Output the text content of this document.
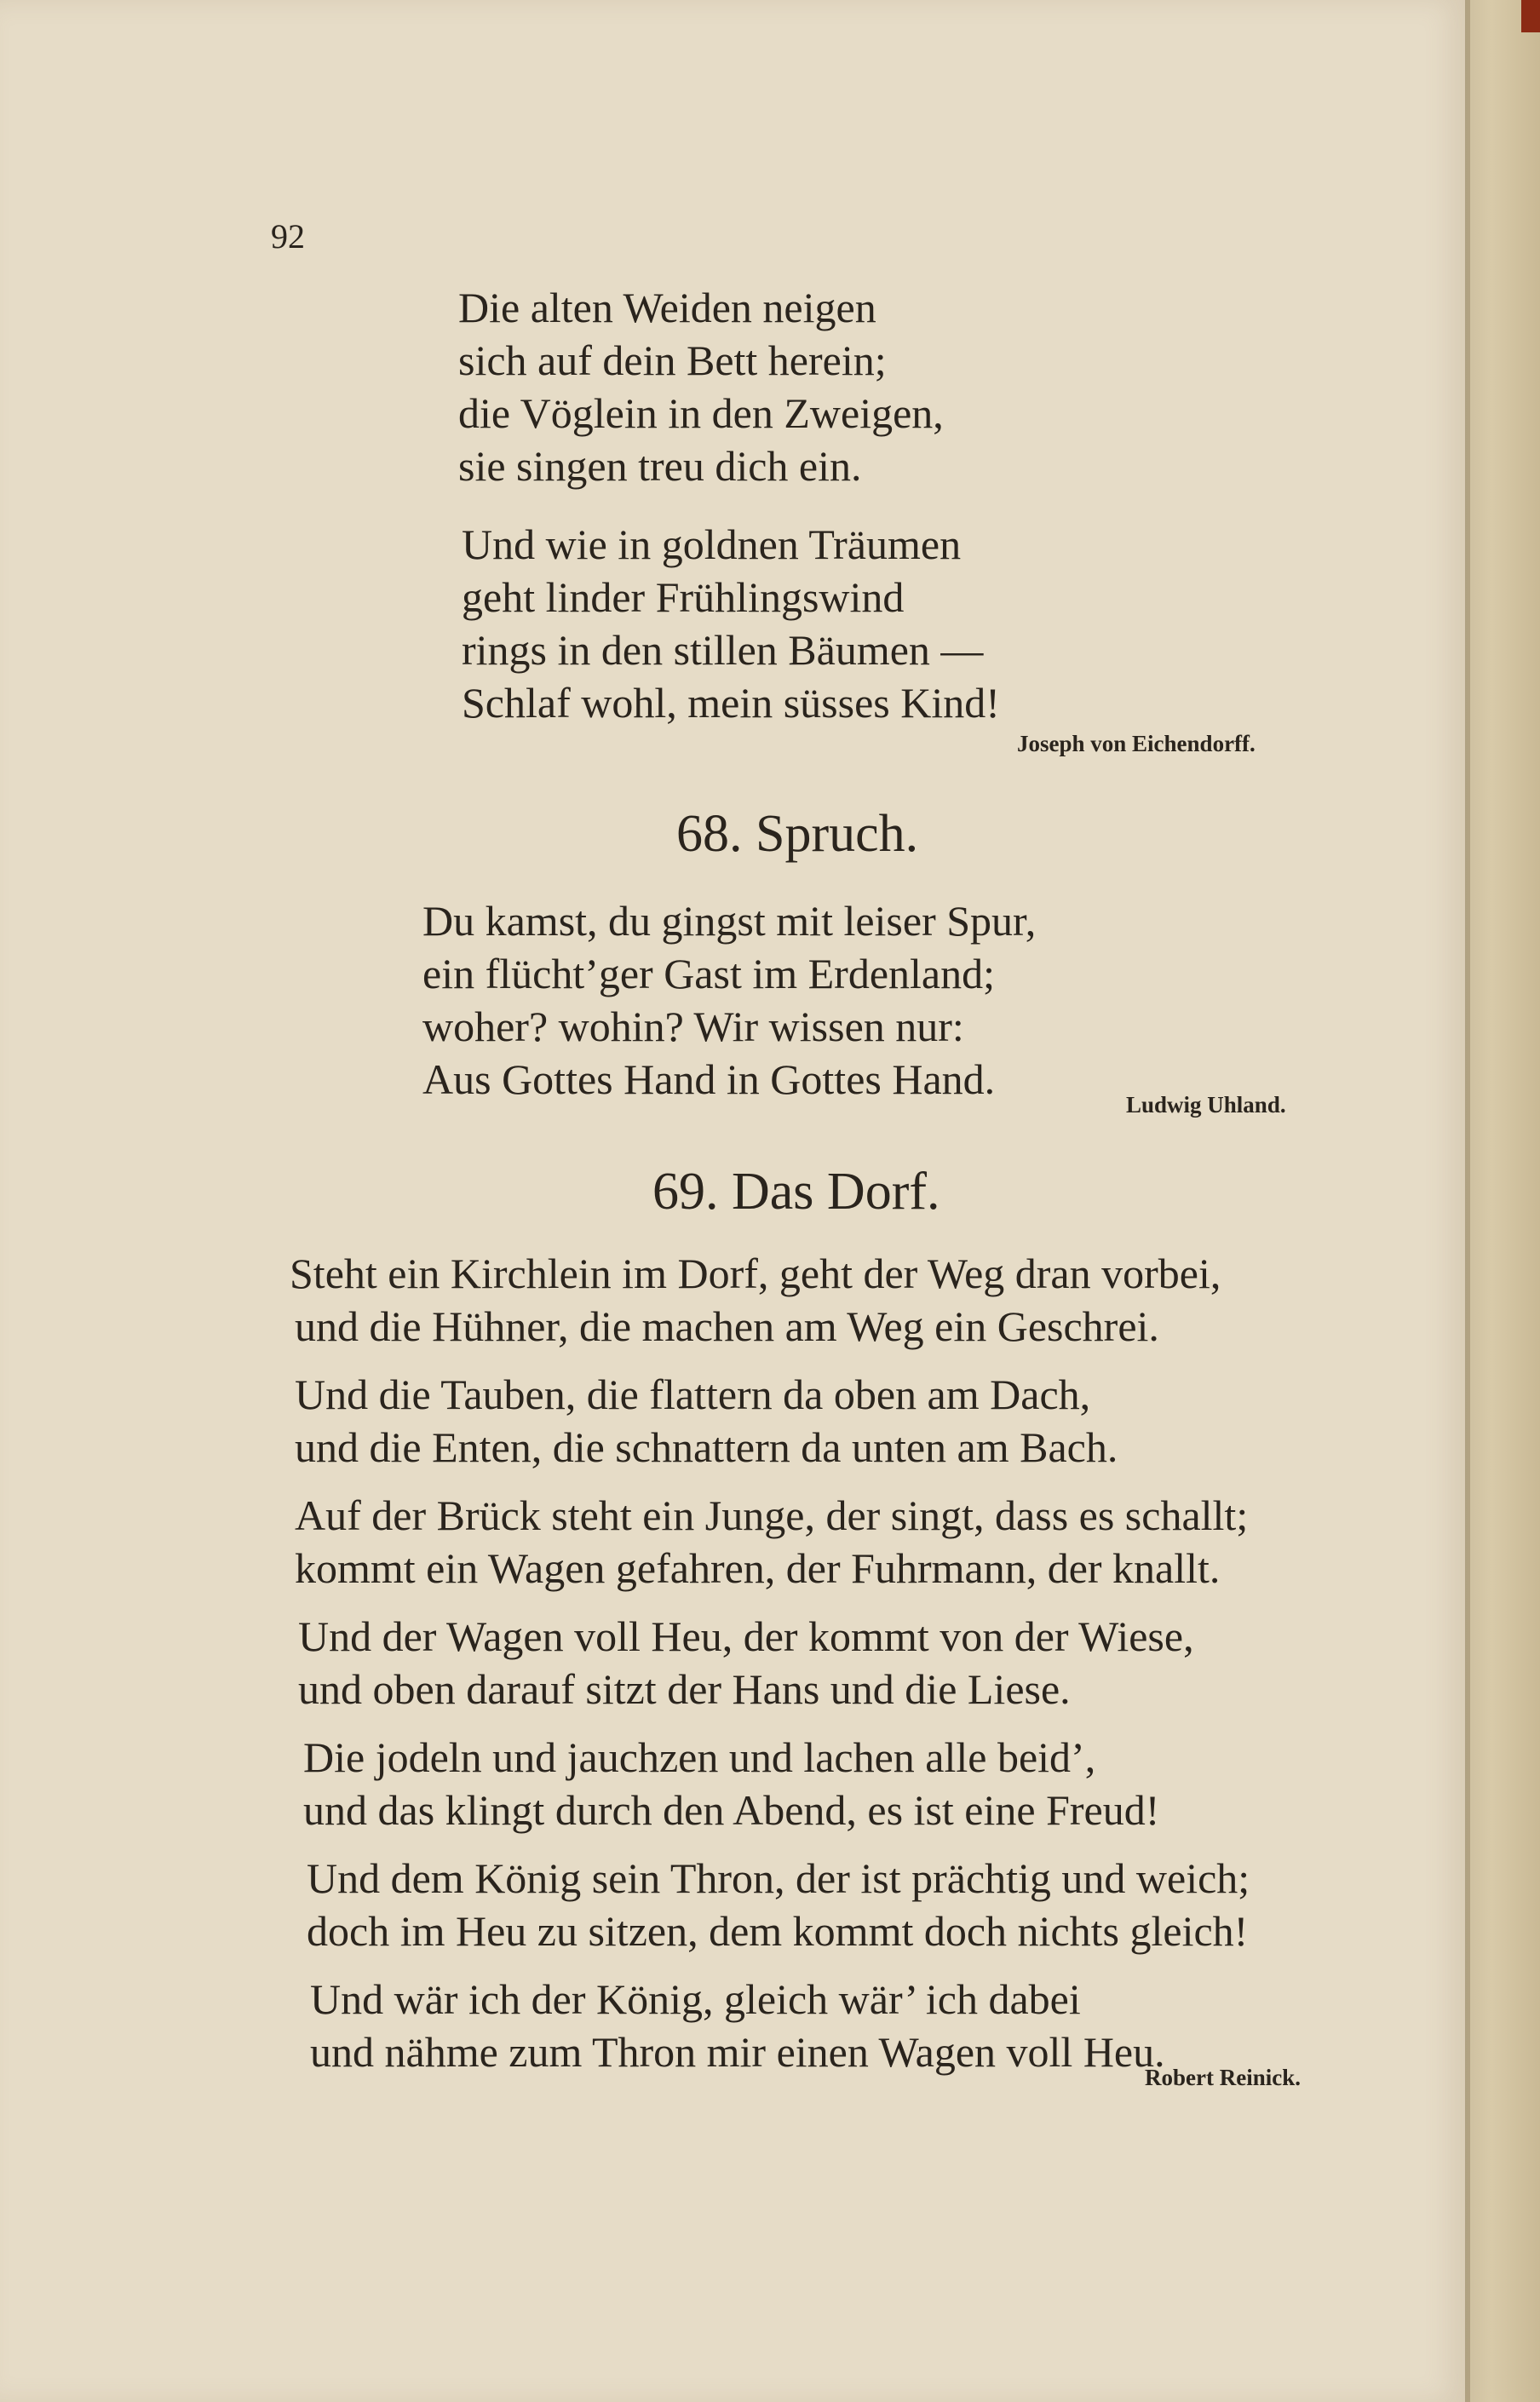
92
Die alten Weiden neigen
sich auf dein Bett herein;
die Vöglein in den Zweigen,
sie singen treu dich ein.
Und wie in goldnen Träumen
geht linder Frühlingswind
rings in den stillen Bäumen —
Schlaf wohl, mein süsses Kind!
Joseph von Eichendorff.
68. Spruch.
Du kamst, du gingst mit leiser Spur,
ein flücht’ger Gast im Erdenland;
woher? wohin? Wir wissen nur:
Aus Gottes Hand in Gottes Hand.
Ludwig Uhland.
69. Das Dorf.
Steht ein Kirchlein im Dorf, geht der Weg dran vorbei,
und die Hühner, die machen am Weg ein Geschrei.
Und die Tauben, die flattern da oben am Dach,
und die Enten, die schnattern da unten am Bach.
Auf der Brück steht ein Junge, der singt, dass es schallt;
kommt ein Wagen gefahren, der Fuhrmann, der knallt.
Und der Wagen voll Heu, der kommt von der Wiese,
und oben darauf sitzt der Hans und die Liese.
Die jodeln und jauchzen und lachen alle beid’,
und das klingt durch den Abend, es ist eine Freud!
Und dem König sein Thron, der ist prächtig und weich;
doch im Heu zu sitzen, dem kommt doch nichts gleich!
Und wär ich der König, gleich wär’ ich dabei
und nähme zum Thron mir einen Wagen voll Heu.
Robert Reinick.
